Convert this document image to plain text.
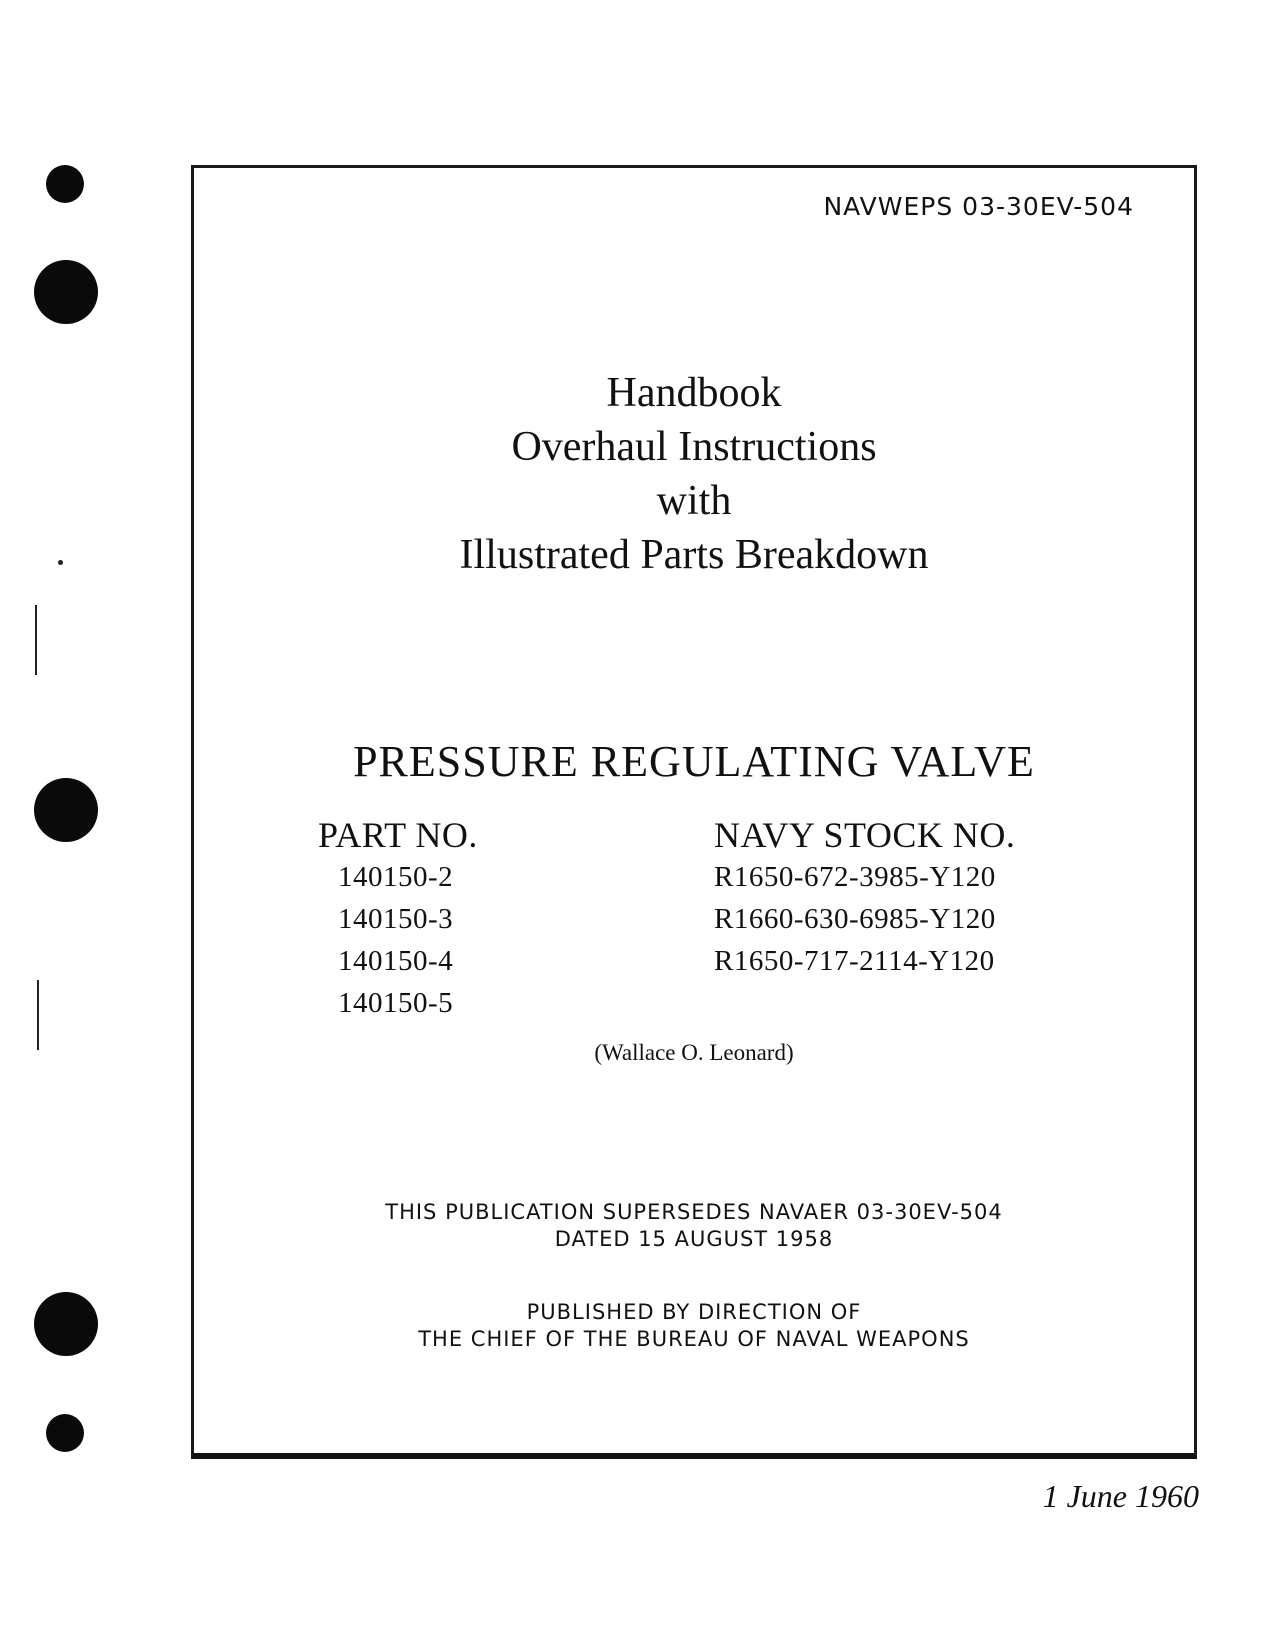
NAVWEPS 03-30EV-504
Handbook
Overhaul Instructions
with
Illustrated Parts Breakdown
PRESSURE REGULATING VALVE
PART NO.
140150-2
140150-3
140150-4
140150-5
NAVY STOCK NO.
R1650-672-3985-Y120
R1660-630-6985-Y120
R1650-717-2114-Y120
(Wallace O. Leonard)
THIS PUBLICATION SUPERSEDES NAVAER 03-30EV-504
DATED 15 AUGUST 1958
PUBLISHED BY DIRECTION OF
THE CHIEF OF THE BUREAU OF NAVAL WEAPONS
1 June 1960
